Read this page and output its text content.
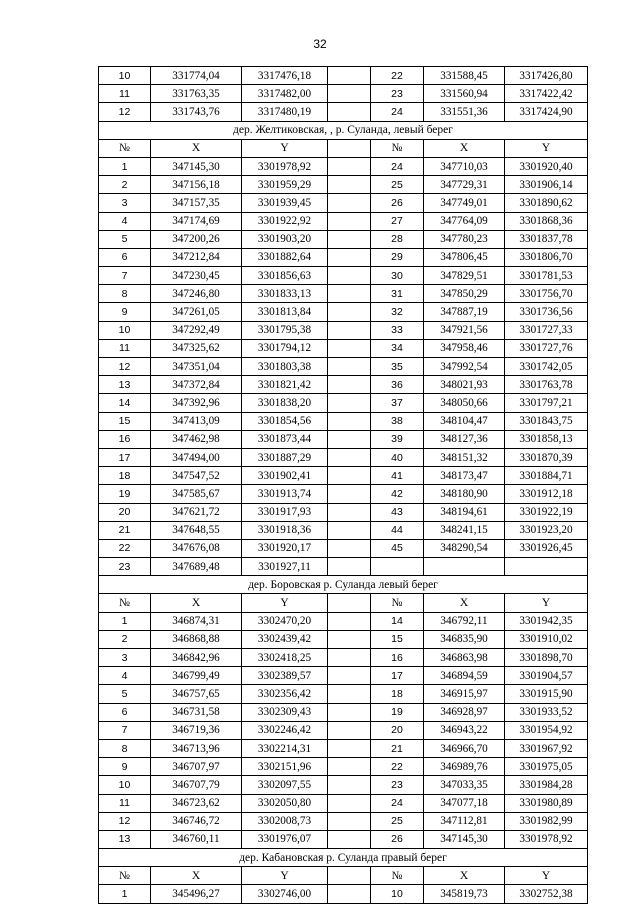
32
10	331774,04	3317476,18		22	331588,45	3317426,80
11	331763,35	3317482,00		23	331560,94	3317422,42
12	331743,76	3317480,19		24	331551,36	3317424,90
дер. Желтиковская, , р. Суланда, левый берег						
№	X	Y		№	X	Y
1	347145,30	3301978,92		24	347710,03	3301920,40
2	347156,18	3301959,29		25	347729,31	3301906,14
3	347157,35	3301939,45		26	347749,01	3301890,62
4	347174,69	3301922,92		27	347764,09	3301868,36
5	347200,26	3301903,20		28	347780,23	3301837,78
6	347212,84	3301882,64		29	347806,45	3301806,70
7	347230,45	3301856,63		30	347829,51	3301781,53
8	347246,80	3301833,13		31	347850,29	3301756,70
9	347261,05	3301813,84		32	347887,19	3301736,56
10	347292,49	3301795,38		33	347921,56	3301727,33
11	347325,62	3301794,12		34	347958,46	3301727,76
12	347351,04	3301803,38		35	347992,54	3301742,05
13	347372,84	3301821,42		36	348021,93	3301763,78
14	347392,96	3301838,20		37	348050,66	3301797,21
15	347413,09	3301854,56		38	348104,47	3301843,75
16	347462,98	3301873,44		39	348127,36	3301858,13
17	347494,00	3301887,29		40	348151,32	3301870,39
18	347547,52	3301902,41		41	348173,47	3301884,71
19	347585,67	3301913,74		42	348180,90	3301912,18
20	347621,72	3301917,93		43	348194,61	3301922,19
21	347648,55	3301918,36		44	348241,15	3301923,20
22	347676,08	3301920,17		45	348290,54	3301926,45
23	347689,48	3301927,11				
дер. Боровская р. Суланда левый берег						
№	X	Y		№	X	Y
1	346874,31	3302470,20		14	346792,11	3301942,35
2	346868,88	3302439,42		15	346835,90	3301910,02
3	346842,96	3302418,25		16	346863,98	3301898,70
4	346799,49	3302389,57		17	346894,59	3301904,57
5	346757,65	3302356,42		18	346915,97	3301915,90
6	346731,58	3302309,43		19	346928,97	3301933,52
7	346719,36	3302246,42		20	346943,22	3301954,92
8	346713,96	3302214,31		21	346966,70	3301967,92
9	346707,97	3302151,96		22	346989,76	3301975,05
10	346707,79	3302097,55		23	347033,35	3301984,28
11	346723,62	3302050,80		24	347077,18	3301980,89
12	346746,72	3302008,73		25	347112,81	3301982,99
13	346760,11	3301976,07		26	347145,30	3301978,92
дер. Кабановская р. Суланда правый берег						
№	X	Y		№	X	Y
1	345496,27	3302746,00		10	345819,73	3302752,38
